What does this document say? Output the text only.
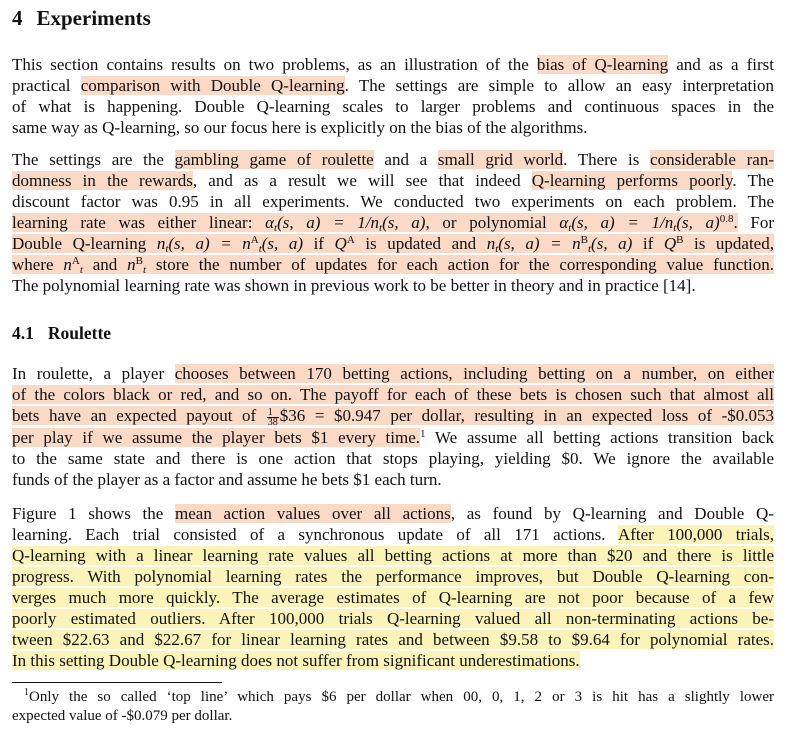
4 Experiments
This section contains results on two problems, as an illustration of the bias of Q-learning and as a first
practical comparison with Double Q-learning. The settings are simple to allow an easy interpretation
of what is happening. Double Q-learning scales to larger problems and continuous spaces in the
same way as Q-learning, so our focus here is explicitly on the bias of the algorithms.
The settings are the gambling game of roulette and a small grid world. There is considerable ran-
domness in the rewards, and as a result we will see that indeed Q-learning performs poorly. The
discount factor was 0.95 in all experiments. We conducted two experiments on each problem. The
learning rate was either linear: $\alpha_t(s$, $a) = 1/n_t(s$, a), or polynomial $\alpha_t(s$, $a) = 1/n_t(s$, a)$^{0.8}$. For
Double Q-learning $n_t(s$, $a) = n^A_t(s$, a) if $Q^A$ is updated and $n_t(s$, $a) = n^B_t(s$, a) if $Q^B$ is updated,
where $n^A_t$ and $n^B_t$ store the number of updates for each action for the corresponding value function.
The polynomial learning rate was shown in previous work to be better in theory and in practice [14].
4.1 Roulette
In roulette, a player chooses between 170 betting actions, including betting on a number, on either
of the colors black or red, and so on. The payoff for each of these bets is chosen such that almost all
bets have an expected payout of $\frac{1}{38}$ $36 = $0.947 per dollar, resulting in an expected loss of -$0.053
per play if we assume the player bets $1 every time.$^1$ We assume all betting actions transition back
to the same state and there is one action that stops playing, yielding $0. We ignore the available
funds of the player as a factor and assume he bets $1 each turn.
Figure 1 shows the mean action values over all actions, as found by Q-learning and Double Q-
learning. Each trial consisted of a synchronous update of all 171 actions. After 100,000 trials,
Q-learning with a linear learning rate values all betting actions at more than $20 and there is little
progress. With polynomial learning rates the performance improves, but Double Q-learning con-
verges much more quickly. The average estimates of Q-learning are not poor because of a few
poorly estimated outliers. After 100,000 trials Q-learning valued all non-terminating actions be-
tween $22.63 and $22.67 for linear learning rates and between $9.58 to $9.64 for polynomial rates.
In this setting Double Q-learning does not suffer from significant underestimations.
$^1$Only the so called ‘top line’ which pays $6 per dollar when 00, 0, 1, 2 or 3 is hit has a slightly lower
expected value of -$0.079 per dollar.
